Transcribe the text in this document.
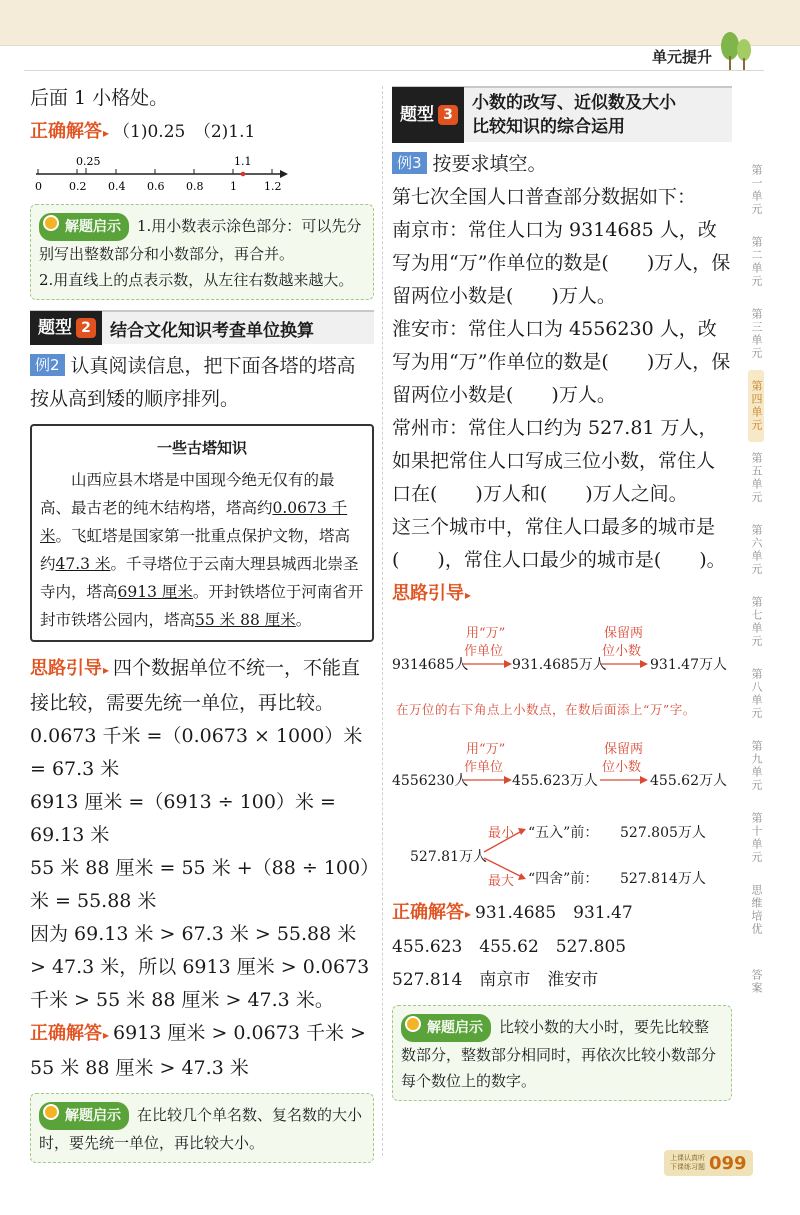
单元提升

后面 1 小格处。

正确解答▸ （1)0.25　（2)1.1

0 0.2 0.4 0.6 0.8 1 1.2
0.25	1.1
解题启示 1.用小数表示涂色部分：可以先分别写出整数部分和小数部分，再合并。
2.用直线上的点表示数，从左往右数越来越大。
题型 2	结合文化知识考查单位换算

例2 认真阅读信息，把下面各塔的塔高按从高到矮的顺序排列。

一些古塔知识
山西应县木塔是中国现今绝无仅有的最高、最古老的纯木结构塔，塔高约0.0673 千米。飞虹塔是国家第一批重点保护文物，塔高约47.3 米。千寻塔位于云南大理县城西北崇圣寺内，塔高6913 厘米。开封铁塔位于河南省开封市铁塔公园内，塔高55 米 88 厘米。

思路引导▸ 四个数据单位不统一，不能直接比较，需要先统一单位，再比较。

0.0673 千米 =（0.0673 × 1000）米 = 67.3 米

6913 厘米 =（6913 ÷ 100）米 = 69.13 米

55 米 88 厘米 = 55 米 +（88 ÷ 100）米 = 55.88 米

因为 69.13 米 > 67.3 米 > 55.88 米 > 47.3 米，所以 6913 厘米 > 0.0673 千米 > 55 米 88 厘米 > 47.3 米。

正确解答▸ 6913 厘米 > 0.0673 千米 > 55 米 88 厘米 > 47.3 米

解题启示 在比较几个单名数、复名数的大小时，要先统一单位，再比较大小。
题型 3
小数的改写、近似数及大小
比较知识的综合运用

例3 按要求填空。

第七次全国人口普查部分数据如下：

南京市：常住人口为 9314685 人，改写为用“万”作单位的数是(　　)万人，保留两位小数是(　　)万人。

淮安市：常住人口为 4556230 人，改写为用“万”作单位的数是(　　)万人，保留两位小数是(　　)万人。

常州市：常住人口约为 527.81 万人，如果把常住人口写成三位小数，常住人口在(　　)万人和(　　)万人之间。

这三个城市中，常住人口最多的城市是(　　)，常住人口最少的城市是(　　)。

思路引导▸

用“万”
作单位
9314685人	931.4685万人
保留两
位小数
931.47万人
在万位的右下角点上小数点，在数后面添上“万”字。
用“万”
作单位
4556230人	455.623万人
保留两
位小数
455.62万人
527.81万人
最小
最大
“五入”前： 527.805万人
“四舍”前： 527.814万人

正确解答▸ 931.4685　931.47

455.623　455.62　527.805

527.814　南京市　淮安市

解题启示 比较小数的大小时，要先比较整数部分，整数部分相同时，再依次比较小数部分每个数位上的数字。
第一单元
第二单元
第三单元
第四单元
第五单元
第六单元
第七单元
第八单元
第九单元
第十单元
思维培优
答案
上课认真听
下课练习题 099
